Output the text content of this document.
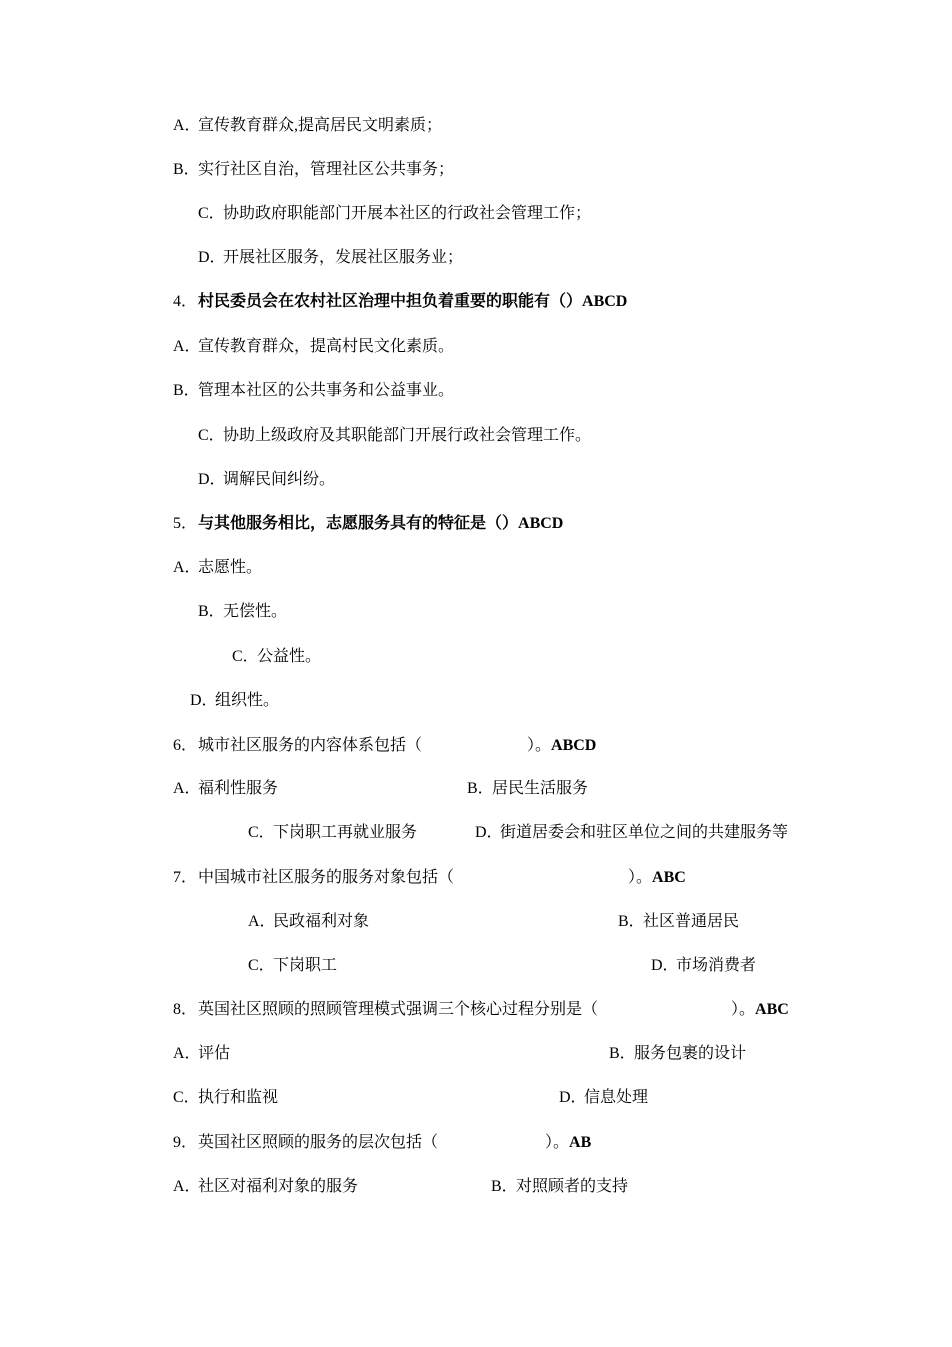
A．宣传教育群众,提高居民文明素质；
B．实行社区自治，管理社区公共事务；
C．协助政府职能部门开展本社区的行政社会管理工作；
D．开展社区服务，发展社区服务业；
4．村民委员会在农村社区治理中担负着重要的职能有（）ABCD
A．宣传教育群众，提高村民文化素质。
B．管理本社区的公共事务和公益事业。
C．协助上级政府及其职能部门开展行政社会管理工作。
D．调解民间纠纷。
5．与其他服务相比，志愿服务具有的特征是（）ABCD
A．志愿性。
B．无偿性。
C．公益性。
D．组织性。
6．城市社区服务的内容体系包括（	）。ABCD
A．福利性服务	B．居民生活服务
C．下岗职工再就业服务	D．街道居委会和驻区单位之间的共建服务等
7．中国城市社区服务的服务对象包括（	）。ABC
A．民政福利对象	B．社区普通居民
C．下岗职工	D．市场消费者
8．英国社区照顾的照顾管理模式强调三个核心过程分别是（	）。ABC
A．评估	B．服务包裹的设计
C．执行和监视	D．信息处理
9．英国社区照顾的服务的层次包括（	）。AB
A．社区对福利对象的服务	B．对照顾者的支持
